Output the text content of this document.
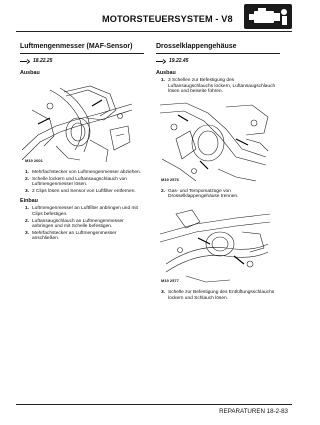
MOTORSTEUERSYSTEM - V8
Luftmengenmesser (MAF-Sensor)
18.22.25
Ausbau
M19 2601
1. Mehrfachstecker von Luftmengenmesser abziehen.
2. Schelle lockern und Luftansaugschlauch von Luftmengenmesser lösen.
3. 2 Clips lösen und Sensor von Luftfilter entfernen.
Einbau
1. Luftmengenmesser an Luftfilter anbringen und mit Clips befestigen.
2. Luftansaugschlauch an Luftmengenmesser anbringen und mit Schelle befestigen.
3. Mehrfachstecker an Luftmengenmesser anschließen.
Drosselklappengehäuse
19.22.45
Ausbau
1. 3 Schellen zur Befestigung des Luftansaugschlauchs lockern, Luftansaugschlauch lösen und beiseite führen.
M19 2576
2. Gas- und Tempomatzüge von Drosselklappengehäuse trennen.
M19 2577
3. Schelle zur Befestigung des Entlüftungsschlauchs lockern und Schlauch lösen.
REPARATUREN 18-2-83
